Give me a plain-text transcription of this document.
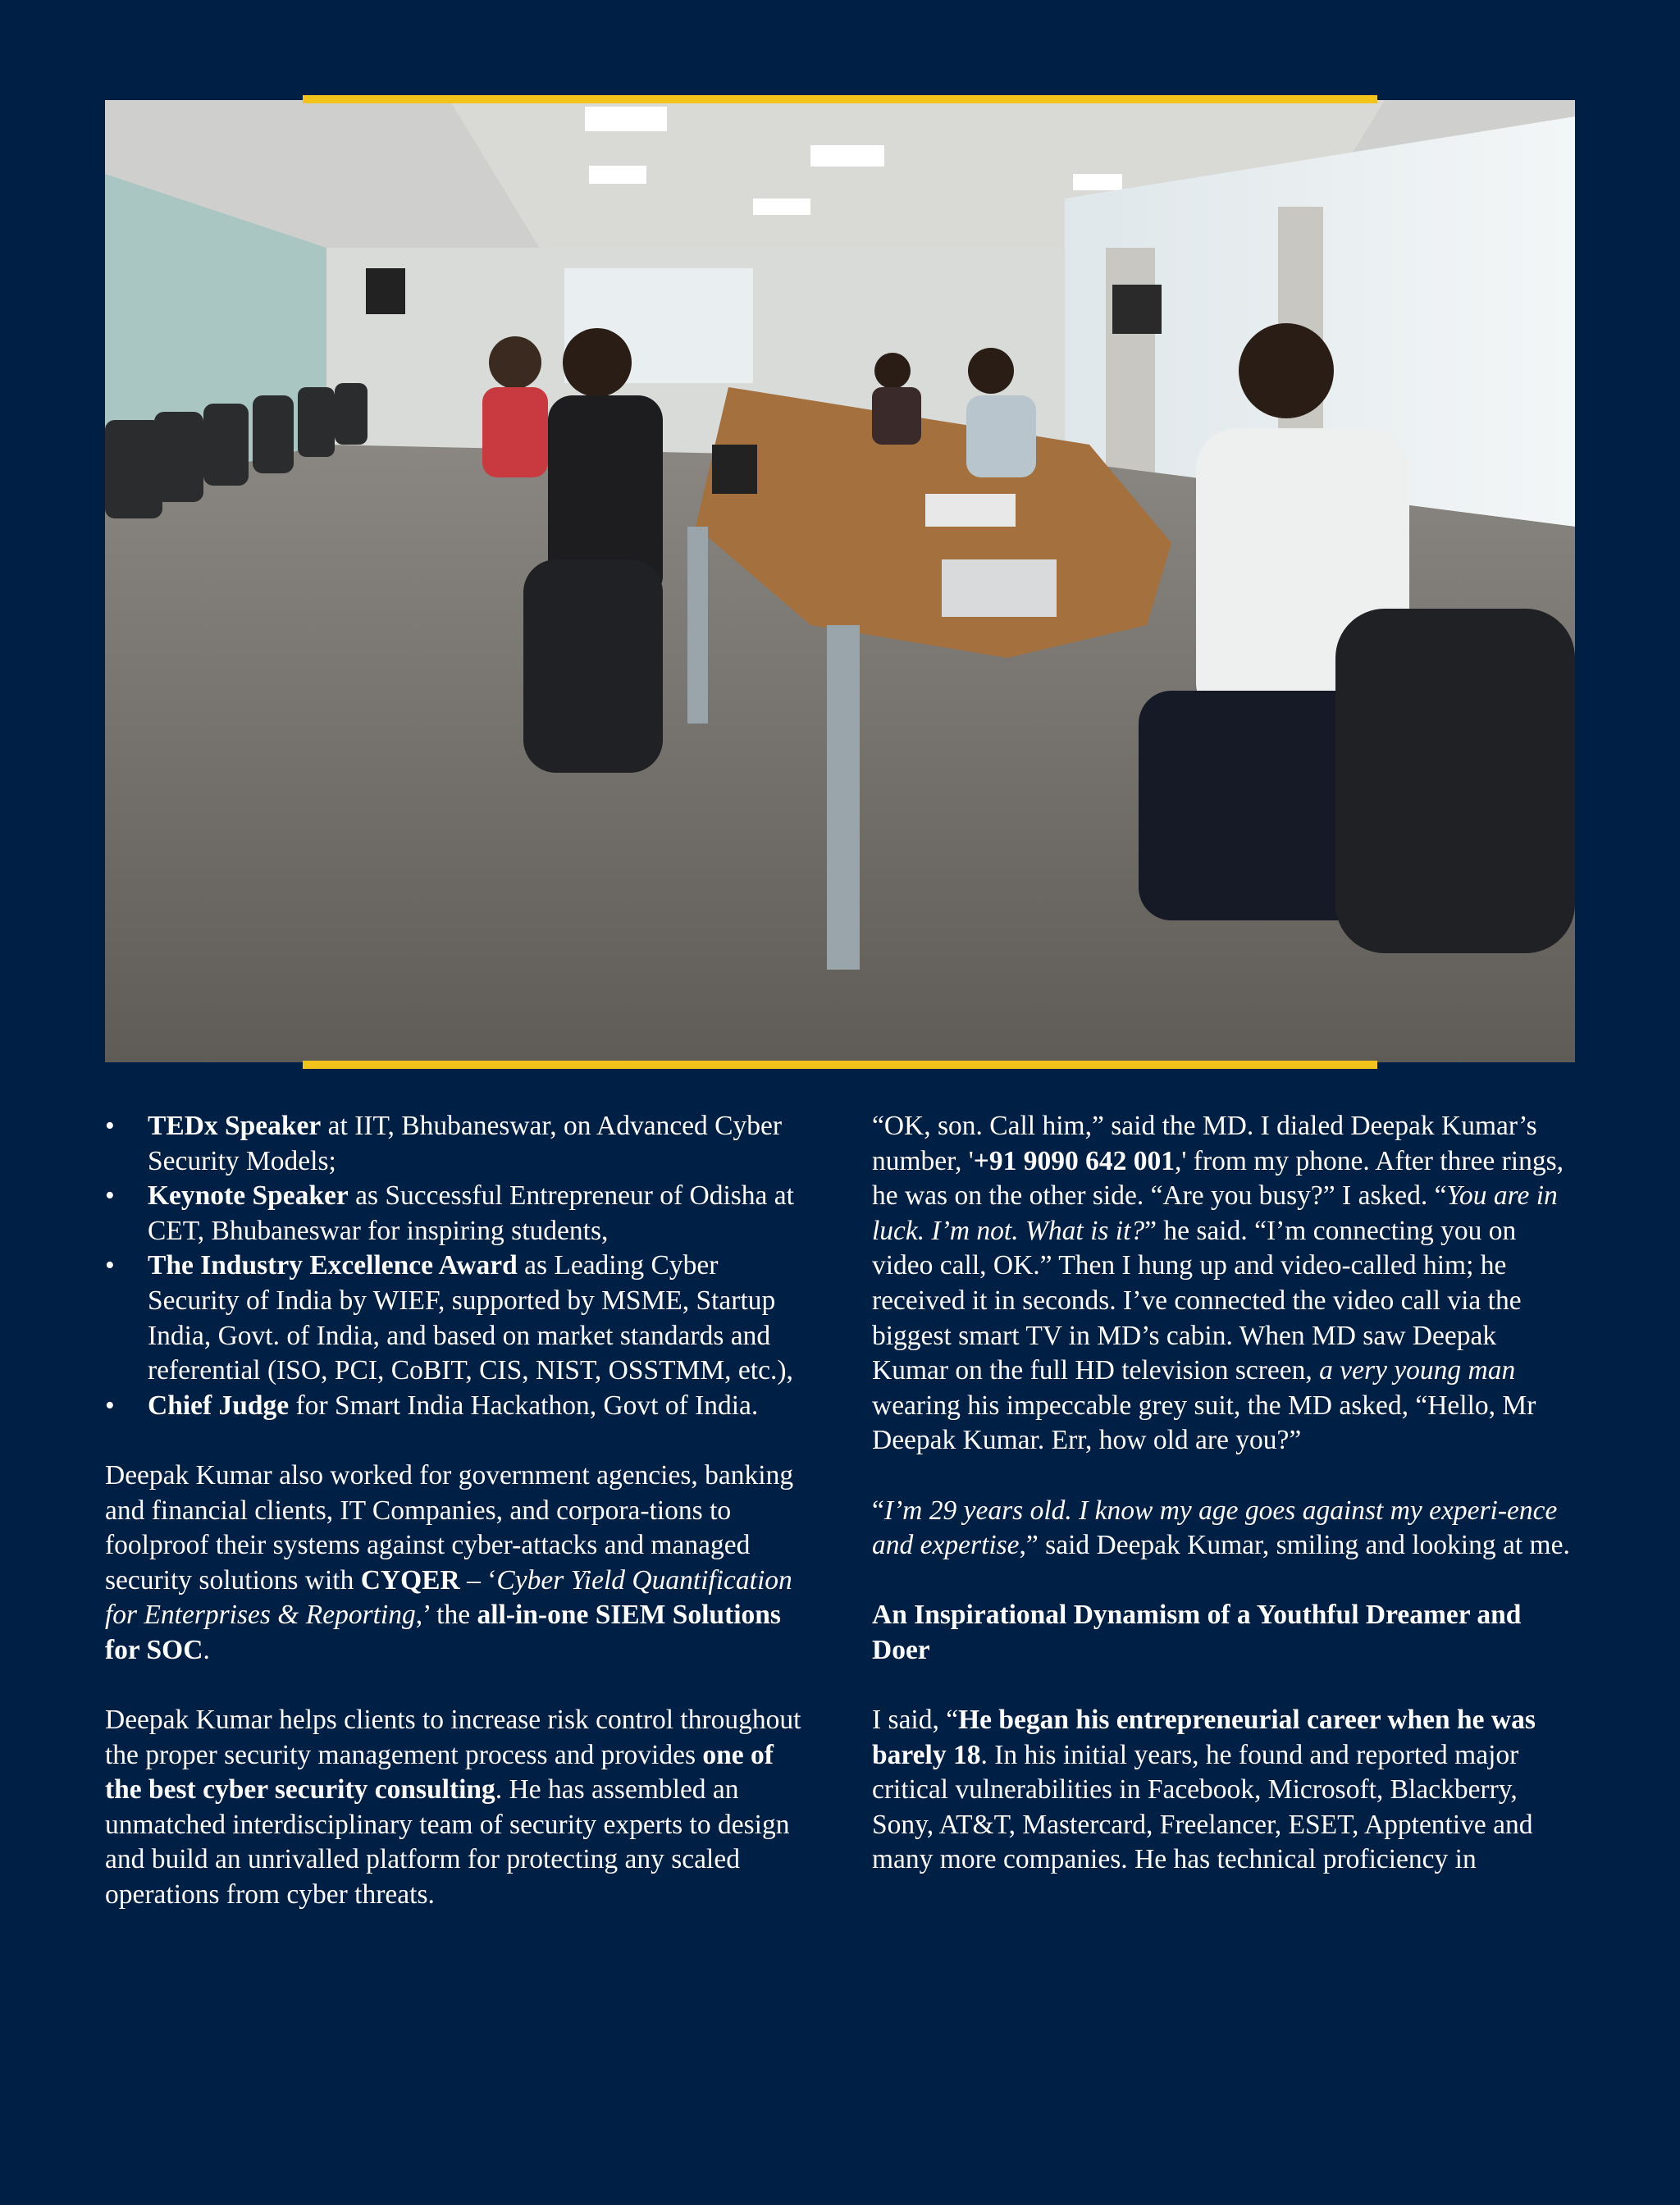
• TEDx Speaker at IIT, Bhubaneswar, on Advanced Cyber Security Models;
• Keynote Speaker as Successful Entrepreneur of Odisha at CET, Bhubaneswar for inspiring students,
• The Industry Excellence Award as Leading Cyber Security of India by WIEF, supported by MSME, Startup India, Govt. of India, and based on market standards and referential (ISO, PCI, CoBIT, CIS, NIST, OSSTMM, etc.),
• Chief Judge for Smart India Hackathon, Govt of India.

Deepak Kumar also worked for government agencies, banking and financial clients, IT Companies, and corpora-tions to foolproof their systems against cyber-attacks and managed security solutions with CYQER – ‘Cyber Yield Quantification for Enterprises & Reporting,’ the all-in-one SIEM Solutions for SOC.

Deepak Kumar helps clients to increase risk control throughout the proper security management process and provides one of the best cyber security consulting. He has assembled an unmatched interdisciplinary team of security experts to design and build an unrivalled platform for protecting any scaled operations from cyber threats.

“OK, son. Call him,” said the MD. I dialed Deepak Kumar’s number, '+91 9090 642 001,' from my phone. After three rings, he was on the other side. “Are you busy?” I asked. “You are in luck. I’m not. What is it?” he said. “I’m connecting you on video call, OK.” Then I hung up and video-called him; he received it in seconds. I’ve connected the video call via the biggest smart TV in MD’s cabin. When MD saw Deepak Kumar on the full HD television screen, a very young man wearing his impeccable grey suit, the MD asked, “Hello, Mr Deepak Kumar. Err, how old are you?”

“I’m 29 years old. I know my age goes against my experi-ence and expertise,” said Deepak Kumar, smiling and looking at me.

An Inspirational Dynamism of a Youthful Dreamer and Doer

I said, “He began his entrepreneurial career when he was barely 18. In his initial years, he found and reported major critical vulnerabilities in Facebook, Microsoft, Blackberry, Sony, AT&T, Mastercard, Freelancer, ESET, Apptentive and many more companies. He has technical proficiency in
